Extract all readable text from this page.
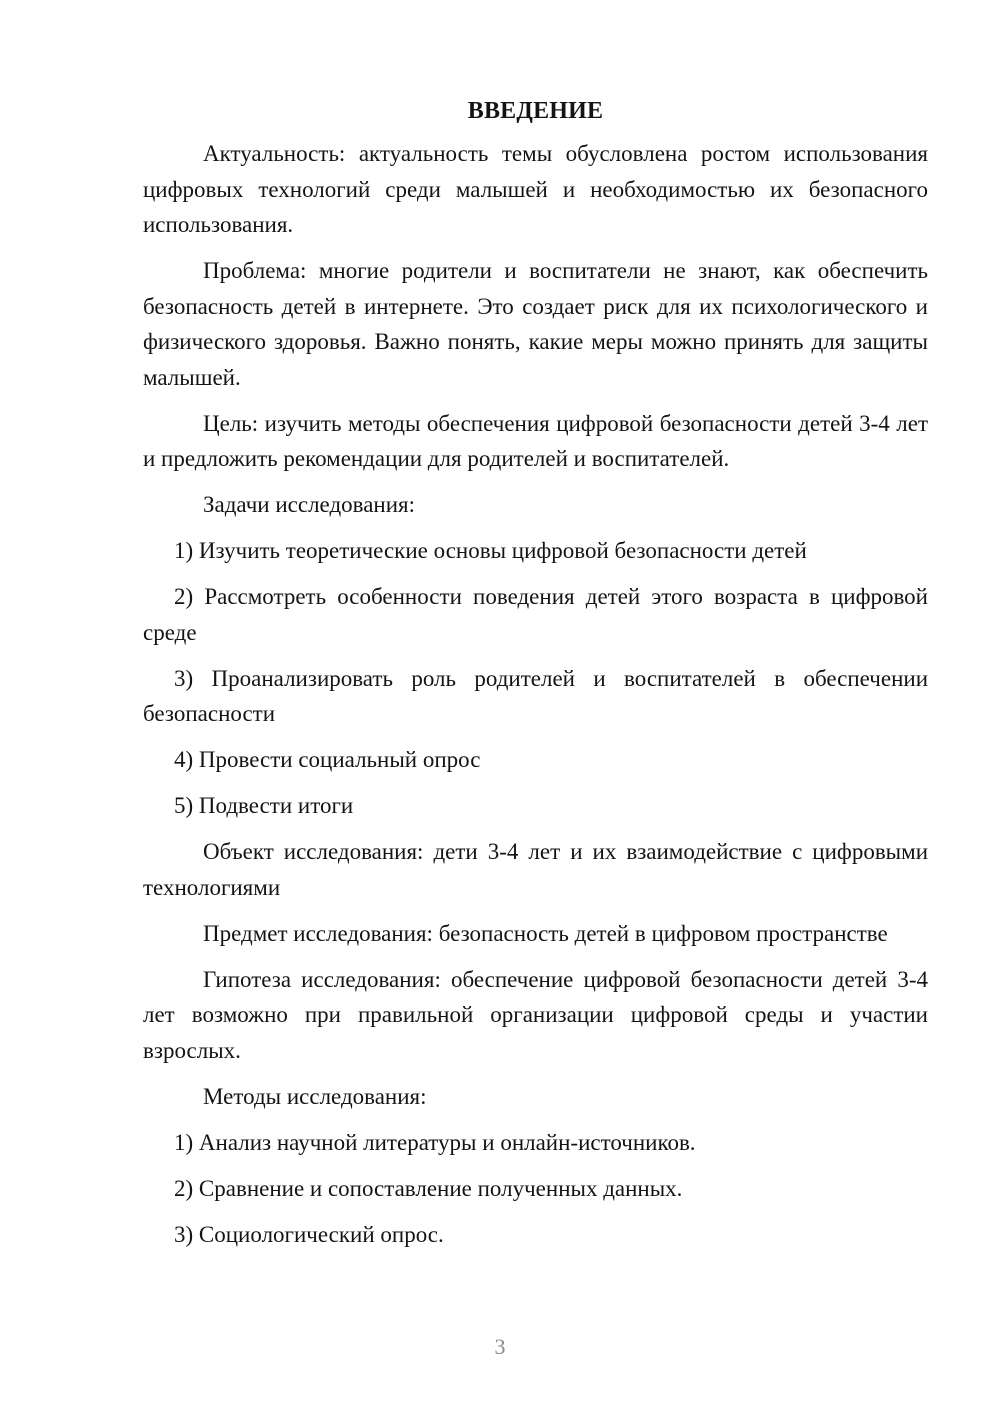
ВВЕДЕНИЕ

Актуальность: актуальность темы обусловлена ростом использования цифровых технологий среди малышей и необходимостью их безопасного использования.

Проблема: многие родители и воспитатели не знают, как обеспечить безопасность детей в интернете. Это создает риск для их психологического и физического здоровья. Важно понять, какие меры можно принять для защиты малышей.

Цель: изучить методы обеспечения цифровой безопасности детей 3-4 лет и предложить рекомендации для родителей и воспитателей.

Задачи исследования:

1) Изучить теоретические основы цифровой безопасности детей

2) Рассмотреть особенности поведения детей этого возраста в цифровой среде

3) Проанализировать роль родителей и воспитателей в обеспечении безопасности

4) Провести социальный опрос

5) Подвести итоги

Объект исследования: дети 3-4 лет и их взаимодействие с цифровыми технологиями

Предмет исследования: безопасность детей в цифровом пространстве

Гипотеза исследования: обеспечение цифровой безопасности детей 3-4 лет возможно при правильной организации цифровой среды и участии взрослых.

Методы исследования:

1) Анализ научной литературы и онлайн-источников.

2) Сравнение и сопоставление полученных данных.

3) Социологический опрос.

3
